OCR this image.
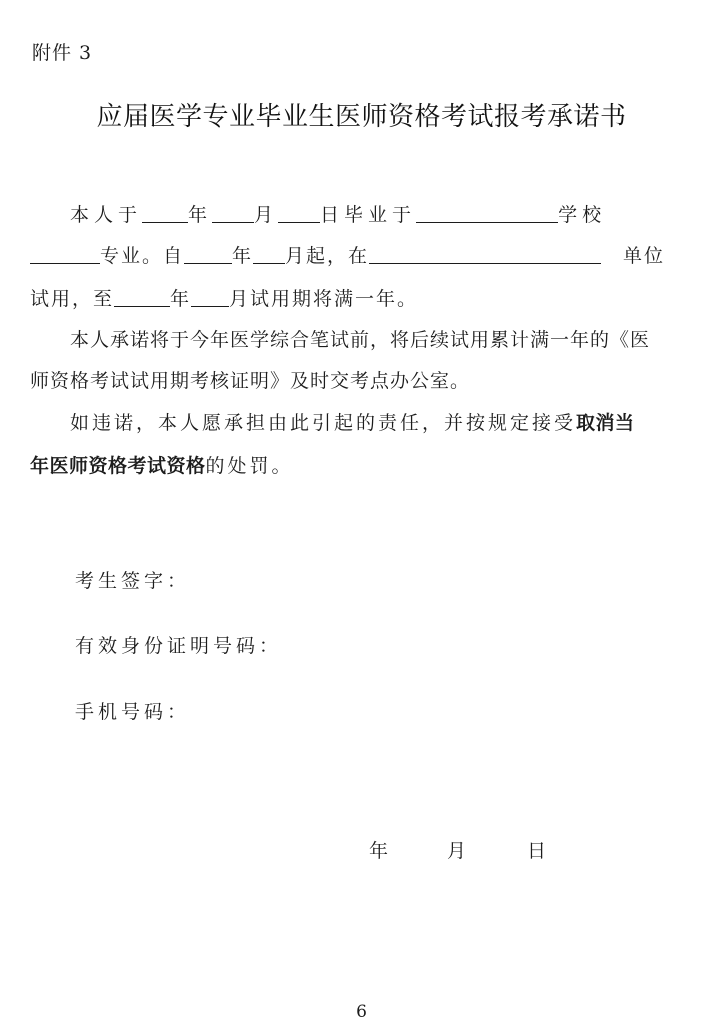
附件 3
应届医学专业毕业生医师资格考试报考承诺书
本人于 年 月 日毕业于	学校
专业。自	年 月起，在	单位
试用，至	年 月试用期将满一年。
本人承诺将于今年医学综合笔试前，将后续试用累计满一年的《医
师资格考试试用期考核证明》及时交考点办公室。
如违诺，本人愿承担由此引起的责任，并按规定接受取消当
年医师资格考试资格的处罚。
考生签字：
有效身份证明号码：
手机号码：
年	月	日
6
